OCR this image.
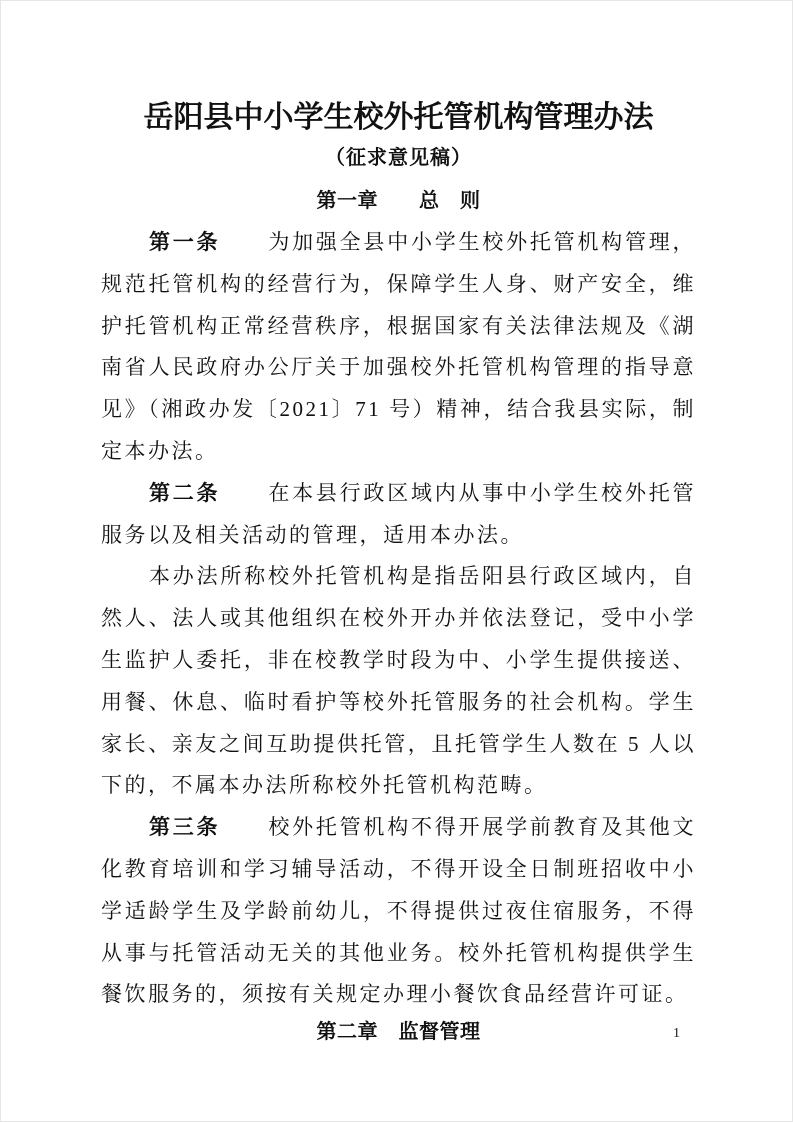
岳阳县中小学生校外托管机构管理办法
（征求意见稿）
第一章　　总　则

第一条 为加强全县中小学生校外托管机构管理，规范托管机构的经营行为，保障学生人身、财产安全，维护托管机构正常经营秩序，根据国家有关法律法规及《湖南省人民政府办公厅关于加强校外托管机构管理的指导意见》（湘政办发〔2021〕71 号）精神，结合我县实际，制定本办法。

第二条 在本县行政区域内从事中小学生校外托管服务以及相关活动的管理，适用本办法。

本办法所称校外托管机构是指岳阳县行政区域内，自然人、法人或其他组织在校外开办并依法登记，受中小学生监护人委托，非在校教学时段为中、小学生提供接送、用餐、休息、临时看护等校外托管服务的社会机构。学生家长、亲友之间互助提供托管，且托管学生人数在 5 人以下的，不属本办法所称校外托管机构范畴。

第三条 校外托管机构不得开展学前教育及其他文化教育培训和学习辅导活动，不得开设全日制班招收中小学适龄学生及学龄前幼儿，不得提供过夜住宿服务，不得从事与托管活动无关的其他业务。校外托管机构提供学生餐饮服务的，须按有关规定办理小餐饮食品经营许可证。

第二章　监督管理	1
